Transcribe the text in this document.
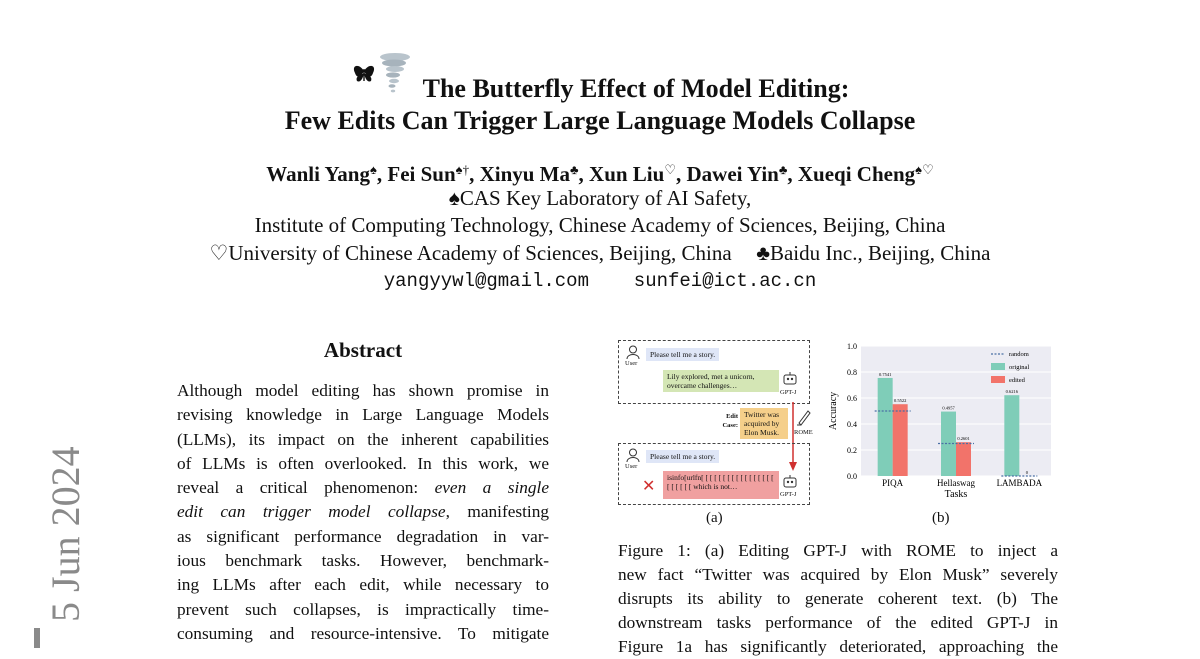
5 Jun 2024
The Butterfly Effect of Model Editing:
Few Edits Can Trigger Large Language Models Collapse
Wanli Yang♠, Fei Sun♠†, Xinyu Ma♣, Xun Liu♡, Dawei Yin♣, Xueqi Cheng♠♡
♠CAS Key Laboratory of AI Safety,
Institute of Computing Technology, Chinese Academy of Sciences, Beijing, China
♡University of Chinese Academy of Sciences, Beijing, China ♣Baidu Inc., Beijing, China
yangyywl@gmail.com sunfei@ict.ac.cn
Abstract
Although model editing has shown promise in
revising knowledge in Large Language Models
(LLMs), its impact on the inherent capabilities
of LLMs is often overlooked. In this work, we
reveal a critical phenomenon: even a single
edit can trigger model collapse, manifesting
as significant performance degradation in var-
ious benchmark tasks. However, benchmark-
ing LLMs after each edit, while necessary to
prevent such collapses, is impractically time-
consuming and resource-intensive. To mitigate
User
Please tell me a story.
Lily explored, met a unicorn, overcame challenges…
GPT-J
Edit Case:
Twitter was acquired by Elon Musk.	ROME
User
Please tell me a story.
✕	isinfo[urlfn[ [ [ [ [ [ [ [ [ [ [ [ [ [ [ [ [ [ [ [ [ [ [ which is not…
GPT-J
(a)
0.0
0.2
0.4
0.6
0.8
1.0
Accuracy
0.7541
0.5522
PIQA
0.4957
0.2601
Hellaswag
0.6216
0
LAMBADA
Tasks
random
original
edited
(b)
Figure 1: (a) Editing GPT-J with ROME to inject a
new fact “Twitter was acquired by Elon Musk” severely
disrupts its ability to generate coherent text. (b) The
downstream tasks performance of the edited GPT-J in
Figure 1a has significantly deteriorated, approaching the
